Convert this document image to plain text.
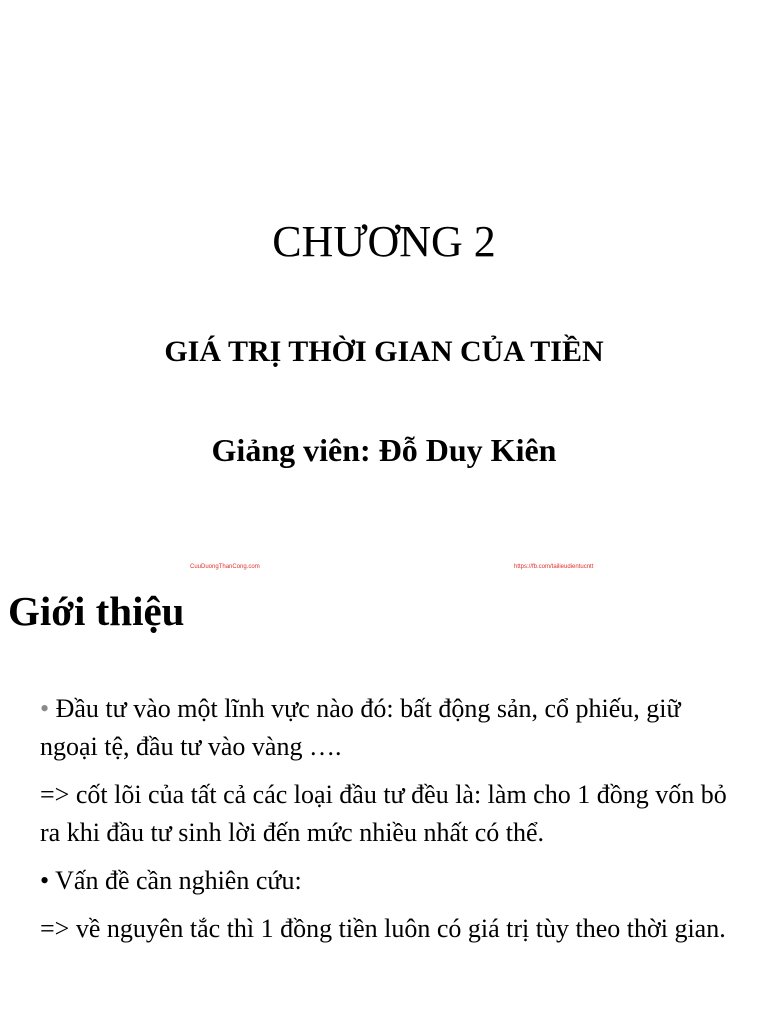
CHƯƠNG 2
GIÁ TRỊ THỜI GIAN CỦA TIỀN
Giảng viên: Đỗ Duy Kiên
CuuDuongThanCong.com	https://fb.com/tailieudientucntt
Giới thiệu

• Đầu tư vào một lĩnh vực nào đó: bất động sản, cổ phiếu, giữ ngoại tệ, đầu tư vào vàng ….

=> cốt lõi của tất cả các loại đầu tư đều là: làm cho 1 đồng vốn bỏ ra khi đầu tư sinh lời đến mức nhiều nhất có thể.

• Vấn đề cần nghiên cứu:

=> về nguyên tắc thì 1 đồng tiền luôn có giá trị tùy theo thời gian.
